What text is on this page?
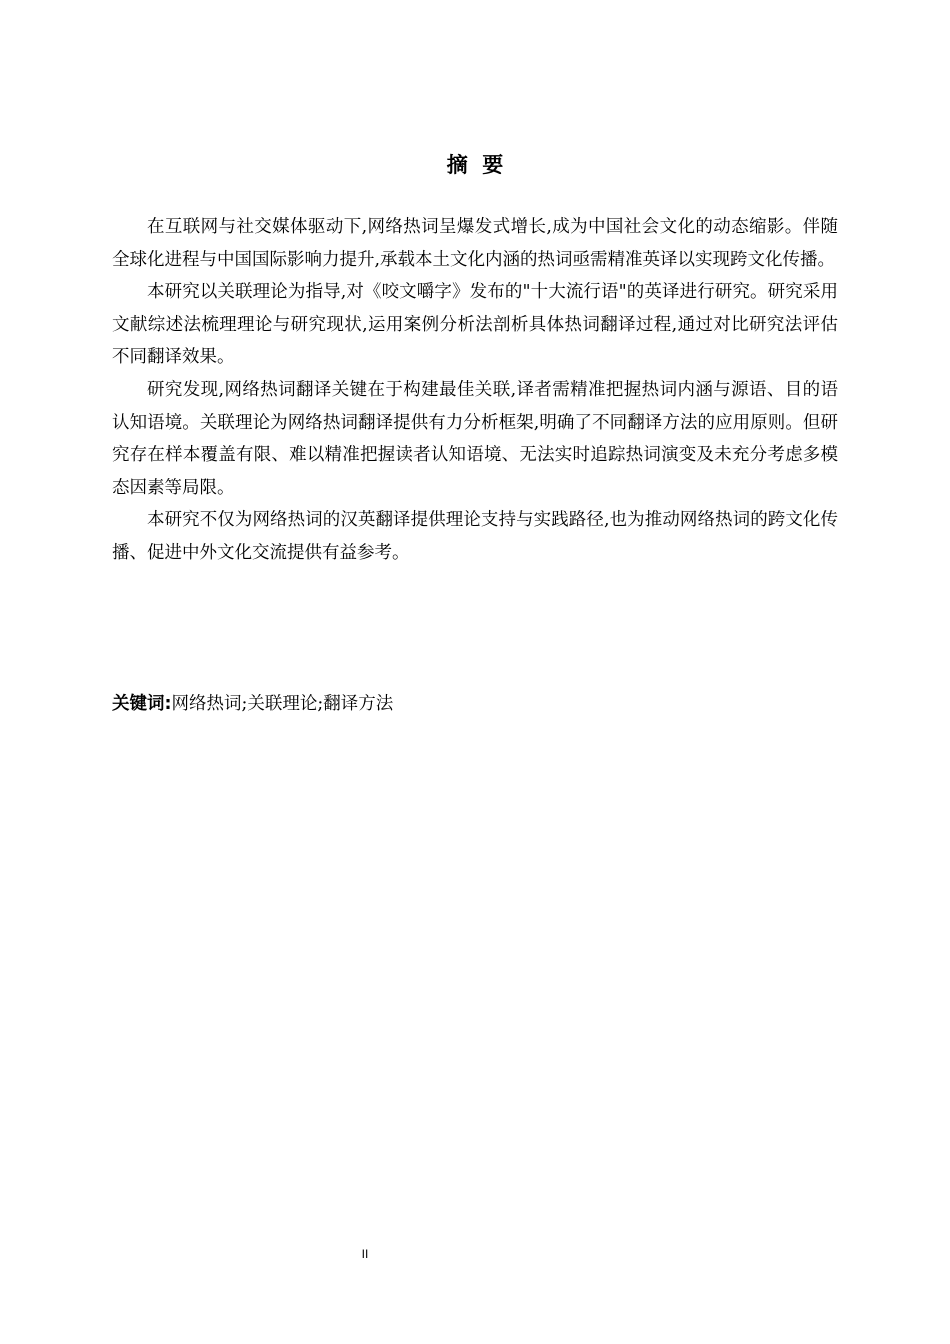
摘  要

在互联网与社交媒体驱动下,网络热词呈爆发式增长,成为中国社会文化的动态缩影。伴随全球化进程与中国国际影响力提升,承载本土文化内涵的热词亟需精准英译以实现跨文化传播。

本研究以关联理论为指导,对《咬文嚼字》发布的"十大流行语"的英译进行研究。研究采用文献综述法梳理理论与研究现状,运用案例分析法剖析具体热词翻译过程,通过对比研究法评估不同翻译效果。

研究发现,网络热词翻译关键在于构建最佳关联,译者需精准把握热词内涵与源语、目的语认知语境。关联理论为网络热词翻译提供有力分析框架,明确了不同翻译方法的应用原则。但研究存在样本覆盖有限、难以精准把握读者认知语境、无法实时追踪热词演变及未充分考虑多模态因素等局限。

本研究不仅为网络热词的汉英翻译提供理论支持与实践路径,也为推动网络热词的跨文化传播、促进中外文化交流提供有益参考。

关键词:网络热词;关联理论;翻译方法
II
